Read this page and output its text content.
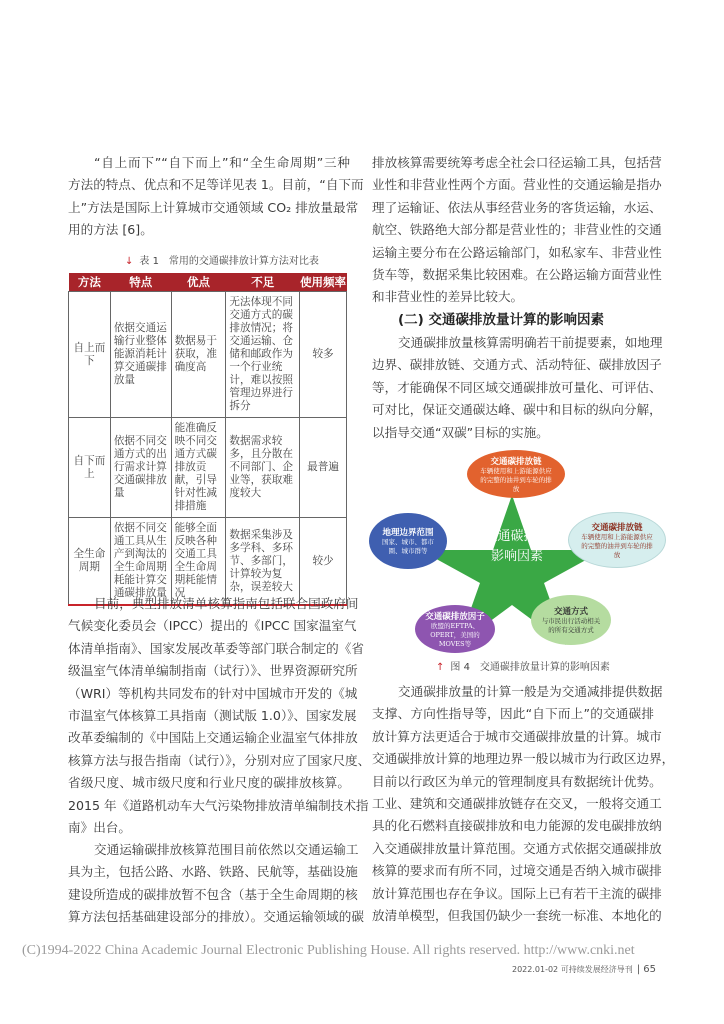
“自上而下”“自下而上”和“全生命周期”三种
方法的特点、优点和不足等详见表 1。目前，“自下而
上”方法是国际上计算城市交通领域 CO₂ 排放量最常
用的方法 [6]。
↓ 表 1　常用的交通碳排放计算方法对比表
方法	特点	优点	不足	使用频率
自上而下	依据交通运输行业整体能源消耗计算交通碳排放量	数据易于获取，准确度高	无法体现不同交通方式的碳排放情况；将交通运输、仓储和邮政作为一个行业统计，难以按照管理边界进行拆分	较多
自下而上	依据不同交通方式的出行需求计算交通碳排放量	能准确反映不同交通方式碳排放贡献，引导针对性减排措施	数据需求较多，且分散在不同部门、企业等，获取难度较大	最普遍
全生命周期	依据不同交通工具从生产到淘汰的全生命周期耗能计算交通碳排放量	能够全面反映各种交通工具全生命周期耗能情况	数据采集涉及多学科、多环节、多部门，计算较为复杂，误差较大	较少
目前，典型排放清单核算指南包括联合国政府间
气候变化委员会（IPCC）提出的《IPCC 国家温室气
体清单指南》、国家发展改革委等部门联合制定的《省
级温室气体清单编制指南（试行）》、世界资源研究所
（WRI）等机构共同发布的针对中国城市开发的《城
市温室气体核算工具指南（测试版 1.0）》、国家发展
改革委编制的《中国陆上交通运输企业温室气体排放
核算方法与报告指南（试行）》，分别对应了国家尺度、
省级尺度、城市级尺度和行业尺度的碳排放核算。
2015 年《道路机动车大气污染物排放清单编制技术指
南》出台。
交通运输碳排放核算范围目前依然以交通运输工
具为主，包括公路、水路、铁路、民航等，基础设施
建设所造成的碳排放暂不包含（基于全生命周期的核
算方法包括基础建设部分的排放）。交通运输领域的碳
排放核算需要统筹考虑全社会口径运输工具，包括营
业性和非营业性两个方面。营业性的交通运输是指办
理了运输证、依法从事经营业务的客货运输，水运、
航空、铁路绝大部分都是营业性的；非营业性的交通
运输主要分布在公路运输部门，如私家车、非营业性
货车等，数据采集比较困难。在公路运输方面营业性
和非营业性的差异比较大。
(二) 交通碳排放量计算的影响因素
交通碳排放量核算需明确若干前提要素，如地理
边界、碳排放链、交通方式、活动特征、碳排放因子
等，才能确保不同区域交通碳排放可量化、可评估、
可对比，保证交通碳达峰、碳中和目标的纵向分解，
以指导交通“双碳”目标的实施。
交通碳排放
影响因素
交通碳排放链
车辆使用和上游能源供应的完整的油井到车轮的排放
地理边界范围
国家、城市、都市圈、城市群等
交通碳排放链
车辆使用和上游能源供应的完整的油井到车轮的排放
交通碳排放因子
欧盟的EFTPA、OPERT，美国的MOVES等
交通方式
与市民出行活动相关的所有交通方式
↑ 图 4　交通碳排放量计算的影响因素
交通碳排放量的计算一般是为交通减排提供数据
支撑、方向性指导等，因此“自下而上”的交通碳排
放计算方法更适合于城市交通碳排放量的计算。城市
交通碳排放计算的地理边界一般以城市为行政区边界，
目前以行政区为单元的管理制度具有数据统计优势。
工业、建筑和交通碳排放链存在交叉，一般将交通工
具的化石燃料直接碳排放和电力能源的发电碳排放纳
入交通碳排放量计算范围。交通方式依据交通碳排放
核算的要求而有所不同，过境交通是否纳入城市碳排
放计算范围也存在争议。国际上已有若干主流的碳排
放清单模型，但我国仍缺少一套统一标准、本地化的
(C)1994-2022 China Academic Journal Electronic Publishing House. All rights reserved. http://www.cnki.net
2022.01-02 可持续发展经济导刊 | 65
